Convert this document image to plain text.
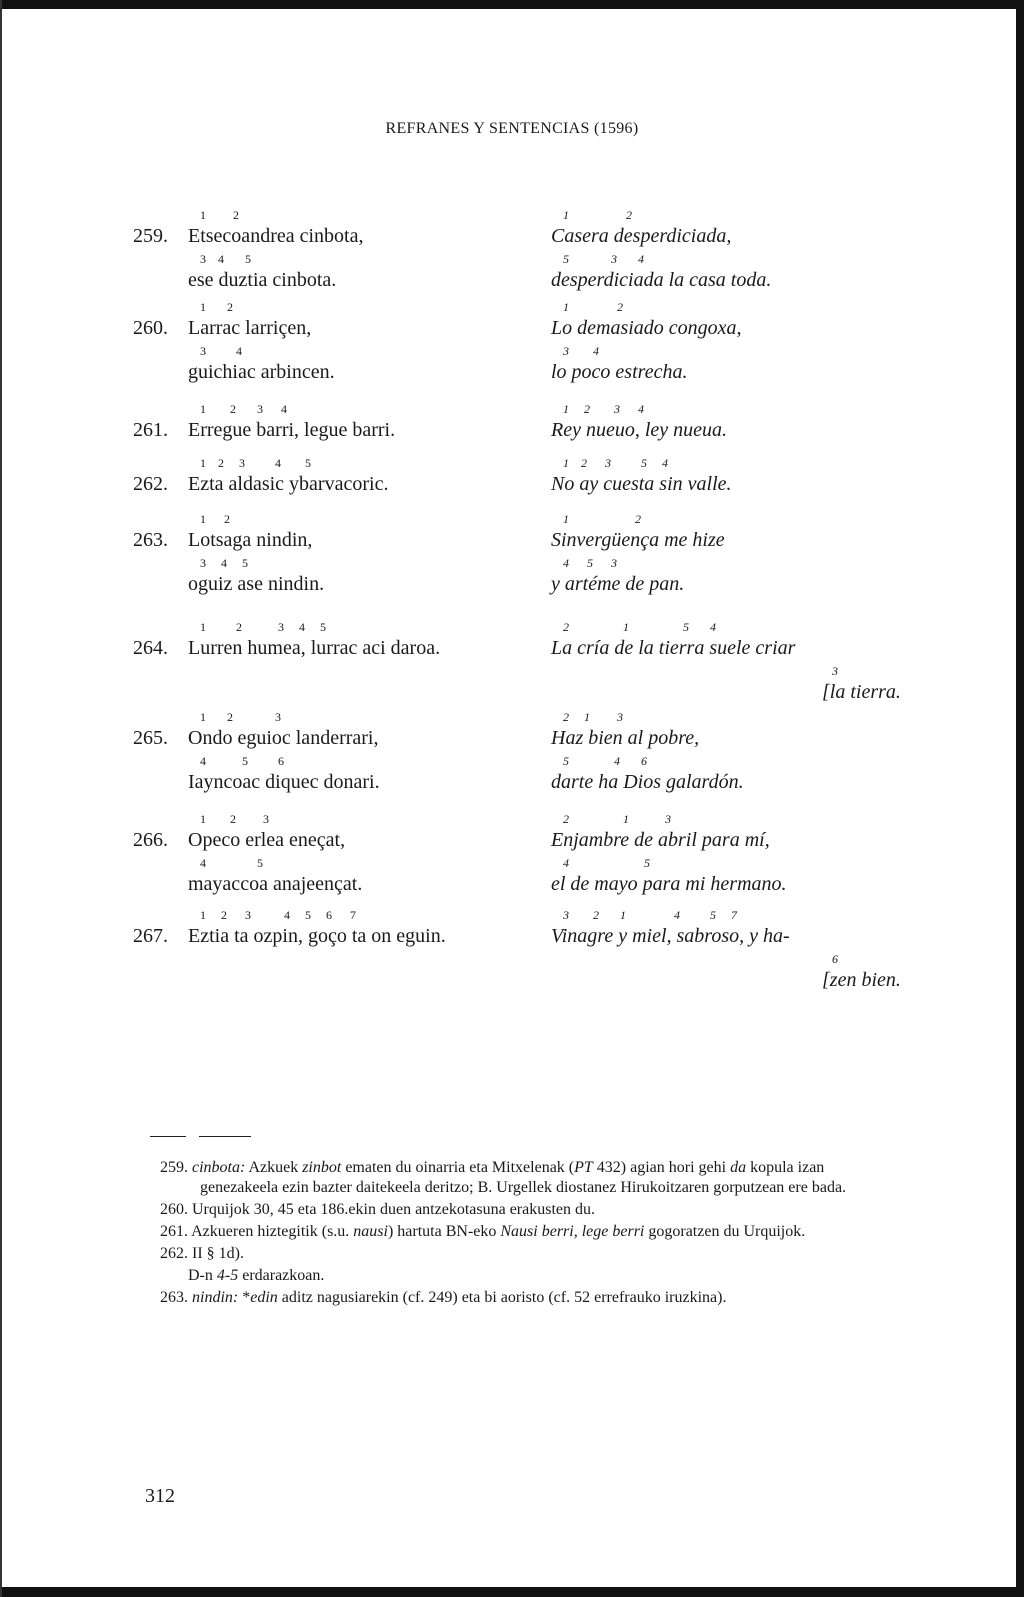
REFRANES Y SENTENCIAS (1596)
259.
1         2
Etsecoandrea cinbota,
1                   2
Casera desperdiciada,
3    4       5
ese duztia cinbota.
5              3       4
desperdiciada la casa toda.
260.
1       2
Larrac larriçen,
1                2
Lo demasiado congoxa,
3          4
guichiac arbincen.
3        4
lo poco estrecha.
261.
1        2       3      4
Erregue barri, legue barri.
1     2        3      4
Rey nueuo, ley nueua.
262.
1    2     3          4        5
Ezta aldasic ybarvacoric.
1    2      3          5     4
No ay cuesta sin valle.
263.
1      2
Lotsaga nindin,
1                      2
Sinvergüença me hize
3     4     5
oguiz ase nindin.
4      5      3
y artéme de pan.
264.
1          2            3     4     5
Lurren humea, lurrac aci daroa.
2                  1                  5       4
La cría de la tierra suele criar
3
[la tierra.
265.
1       2              3
Ondo eguioc landerrari,
2     1         3
Haz bien al pobre,
4            5          6
Iayncoac diquec donari.
5               4       6
darte ha Dios galardón.
266.
1        2         3
Opeco erlea eneçat,
2                  1            3
Enjambre de abril para mí,
4                 5
mayaccoa anajeençat.
4                         5
el de mayo para mi hermano.
267.
1     2      3           4     5     6      7
Eztia ta ozpin, goço ta on eguin.
3        2       1                4          5     7
Vinagre y miel, sabroso, y ha-
6
[zen bien.
259. cinbota: Azkuek zinbot ematen du oinarria eta Mitxelenak (PT 432) agian hori gehi da kopula izan genezakeela ezin bazter daitekeela deritzo; B. Urgellek diostanez Hirukoitzaren gorputzean ere bada.
260. Urquijok 30, 45 eta 186.ekin duen antzekotasuna erakusten du.
261. Azkueren hiztegitik (s.u. nausi) hartuta BN-eko Nausi berri, lege berri gogoratzen du Urquijok.
262. II § 1d).
D-n 4-5 erdarazkoan.
263. nindin: *edin aditz nagusiarekin (cf. 249) eta bi aoristo (cf. 52 errefrauko iruzkina).
312
